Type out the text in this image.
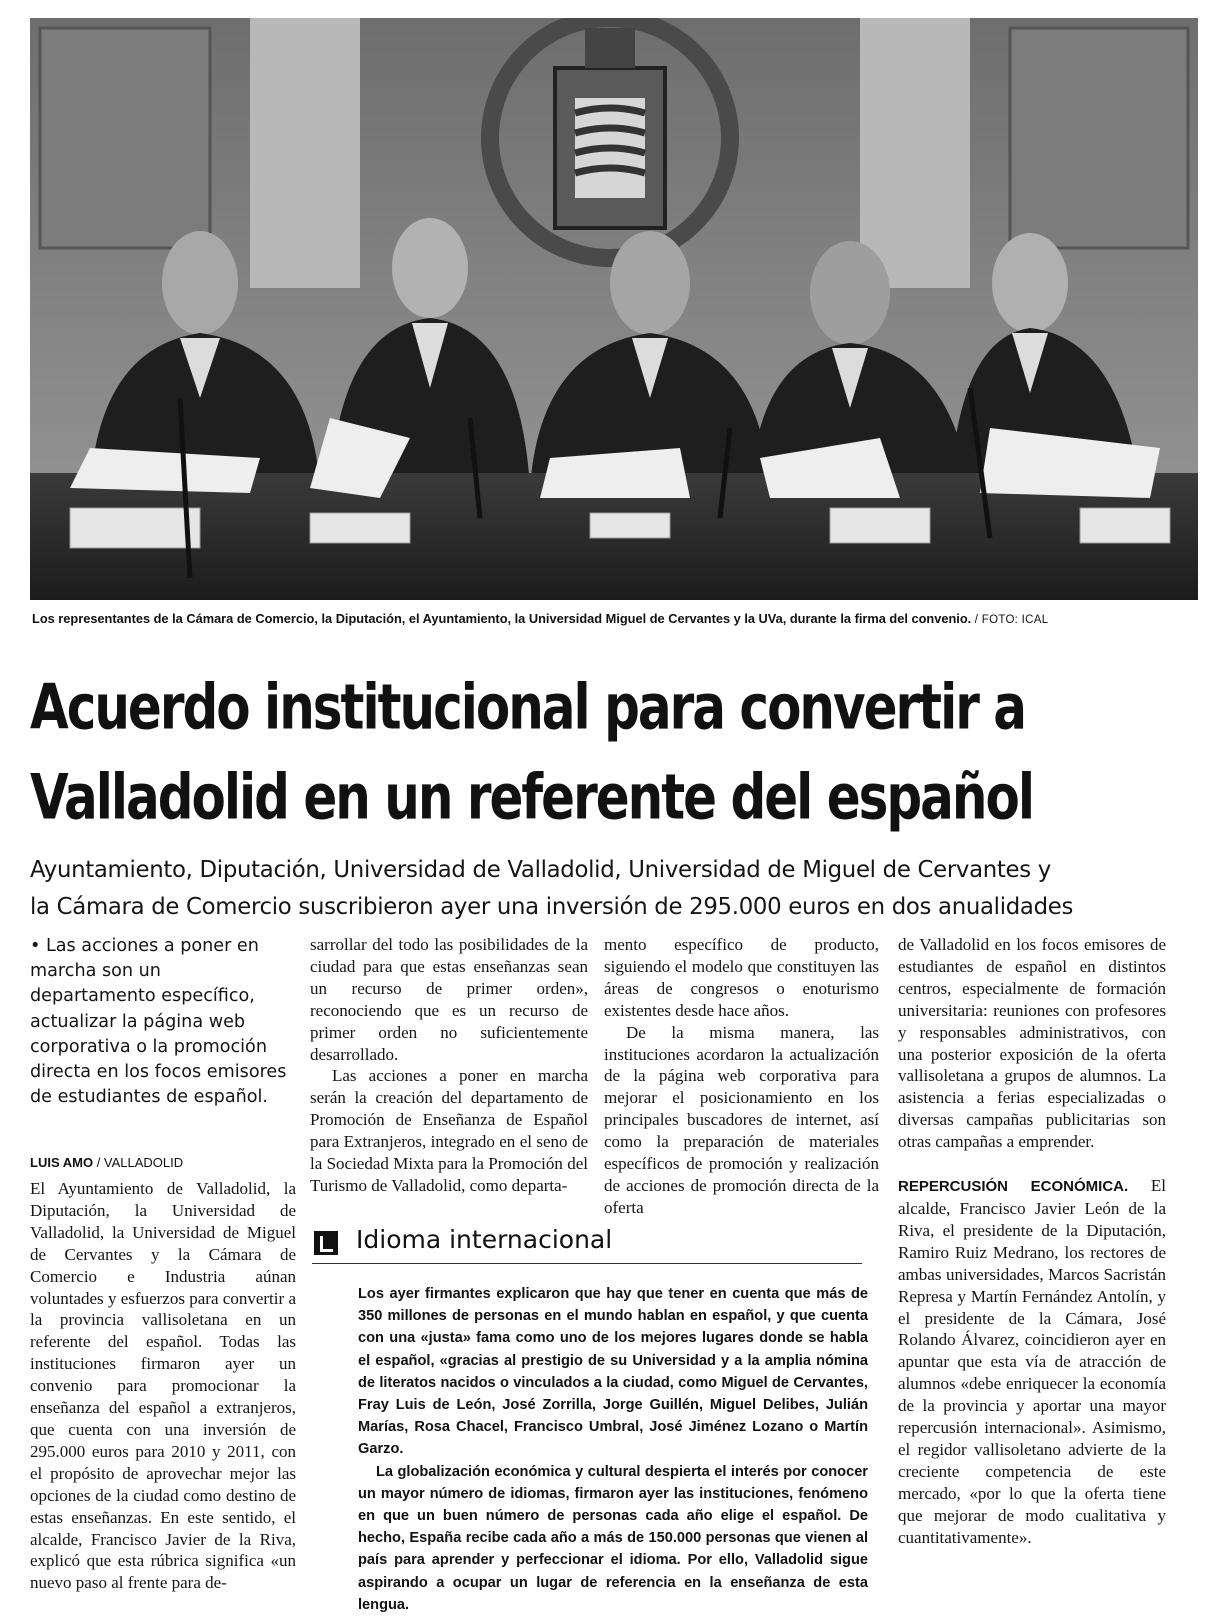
Los representantes de la Cámara de Comercio, la Diputación, el Ayuntamiento, la Universidad Miguel de Cervantes y la UVa, durante la firma del convenio. / FOTO: ICAL
Acuerdo institucional para convertir a
Valladolid en un referente del español
Ayuntamiento, Diputación, Universidad de Valladolid, Universidad de Miguel de Cervantes y
la Cámara de Comercio suscribieron ayer una inversión de 295.000 euros en dos anualidades
• Las acciones a poner en marcha son un departamento específico, actualizar la página web corporativa o la promoción directa en los focos emisores de estudiantes de español.
LUIS AMO / VALLADOLID

El Ayuntamiento de Valladolid, la Diputación, la Universidad de Valladolid, la Universidad de Miguel de Cervantes y la Cámara de Comercio e Industria aúnan voluntades y esfuerzos para convertir a la provincia vallisoletana en un referente del español. Todas las instituciones firmaron ayer un convenio para promocionar la enseñanza del español a extranjeros, que cuenta con una inversión de 295.000 euros para 2010 y 2011, con el propósito de aprovechar mejor las opciones de la ciudad como destino de estas enseñanzas. En este sentido, el alcalde, Francisco Javier de la Riva, explicó que esta rúbrica significa «un nuevo paso al frente para de-

sarrollar del todo las posibilidades de la ciudad para que estas enseñanzas sean un recurso de primer orden», reconociendo que es un recurso de primer orden no suficientemente desarrollado.

Las acciones a poner en marcha serán la creación del departamento de Promoción de Enseñanza de Español para Extranjeros, integrado en el seno de la Sociedad Mixta para la Promoción del Turismo de Valladolid, como departa-

mento específico de producto, siguiendo el modelo que constituyen las áreas de congresos o enoturismo existentes desde hace años.

De la misma manera, las instituciones acordaron la actualización de la página web corporativa para mejorar el posicionamiento en los principales buscadores de internet, así como la preparación de materiales específicos de promoción y realización de acciones de promoción directa de la oferta

de Valladolid en los focos emisores de estudiantes de español en distintos centros, especialmente de formación universitaria: reuniones con profesores y responsables administrativos, con una posterior exposición de la oferta vallisoletana a grupos de alumnos. La asistencia a ferias especializadas o diversas campañas publicitarias son otras campañas a emprender.

REPERCUSIÓN ECONÓMICA. El alcalde, Francisco Javier León de la Riva, el presidente de la Diputación, Ramiro Ruiz Medrano, los rectores de ambas universidades, Marcos Sacristán Represa y Martín Fernández Antolín, y el presidente de la Cámara, José Rolando Álvarez, coincidieron ayer en apuntar que esta vía de atracción de alumnos «debe enriquecer la economía de la provincia y aportar una mayor repercusión internacional». Asimismo, el regidor vallisoletano advierte de la creciente competencia de este mercado, «por lo que la oferta tiene que mejorar de modo cualitativa y cuantitativamente».

Idioma internacional

Los ayer firmantes explicaron que hay que tener en cuenta que más de 350 millones de personas en el mundo hablan en español, y que cuenta con una «justa» fama como uno de los mejores lugares donde se habla el español, «gracias al prestigio de su Universidad y a la amplia nómina de literatos nacidos o vinculados a la ciudad, como Miguel de Cervantes, Fray Luis de León, José Zorrilla, Jorge Guillén, Miguel Delibes, Julián Marías, Rosa Chacel, Francisco Umbral, José Jiménez Lozano o Martín Garzo.

La globalización económica y cultural despierta el interés por conocer un mayor número de idiomas, firmaron ayer las instituciones, fenómeno en que un buen número de personas cada año elige el español. De hecho, España recibe cada año a más de 150.000 personas que vienen al país para aprender y perfeccionar el idioma. Por ello, Valladolid sigue aspirando a ocupar un lugar de referencia en la enseñanza de esta lengua.
